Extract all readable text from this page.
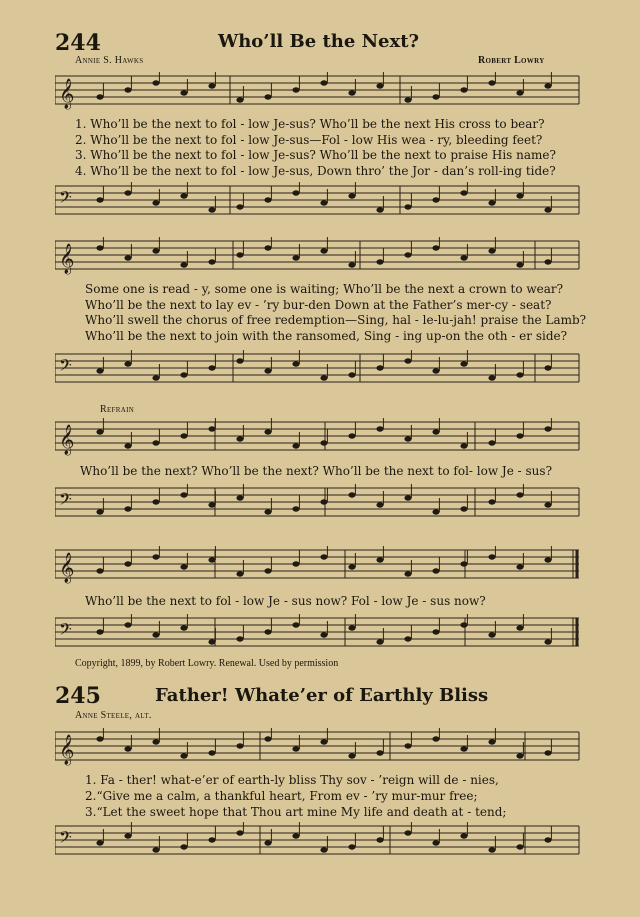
244	Who’ll Be the Next?
Annie S. Hawks	Robert Lowry
𝄞
𝄢
1. Who’ll be the next to fol - low Je-sus? Who’ll be the next His cross to bear?
2. Who’ll be the next to fol - low Je-sus—Fol - low His wea - ry, bleeding feet?
3. Who’ll be the next to fol - low Je-sus? Who’ll be the next to praise His name?
4. Who’ll be the next to fol - low Je-sus, Down thro’ the Jor - dan’s roll-ing tide?
𝄞
𝄢
Some one is read - y, some one is waiting; Who’ll be the next a crown to wear?
Who’ll be the next to lay ev - ’ry bur-den Down at the Father’s mer-cy - seat?
Who’ll swell the chorus of free redemption—Sing, hal - le-lu-jah! praise the Lamb?
Who’ll be the next to join with the ransomed, Sing - ing up-on the oth - er side?
Refrain
𝄞
Who’ll be the next? Who’ll be the next? Who’ll be the next to fol- low Je - sus?
𝄢
𝄞
Who’ll be the next to fol - low Je - sus now? Fol - low Je - sus now?
𝄢
Copyright, 1899, by Robert Lowry. Renewal. Used by permission
245	Father! Whate’er of Earthly Bliss
Anne Steele, alt.
𝄞
1. Fa - ther! what-e’er of earth-ly bliss Thy sov - ’reign will de - nies,
2.“Give me a calm, a thankful heart, From ev - ’ry mur-mur free;
3.“Let the sweet hope that Thou art mine My life and death at - tend;
𝄢
